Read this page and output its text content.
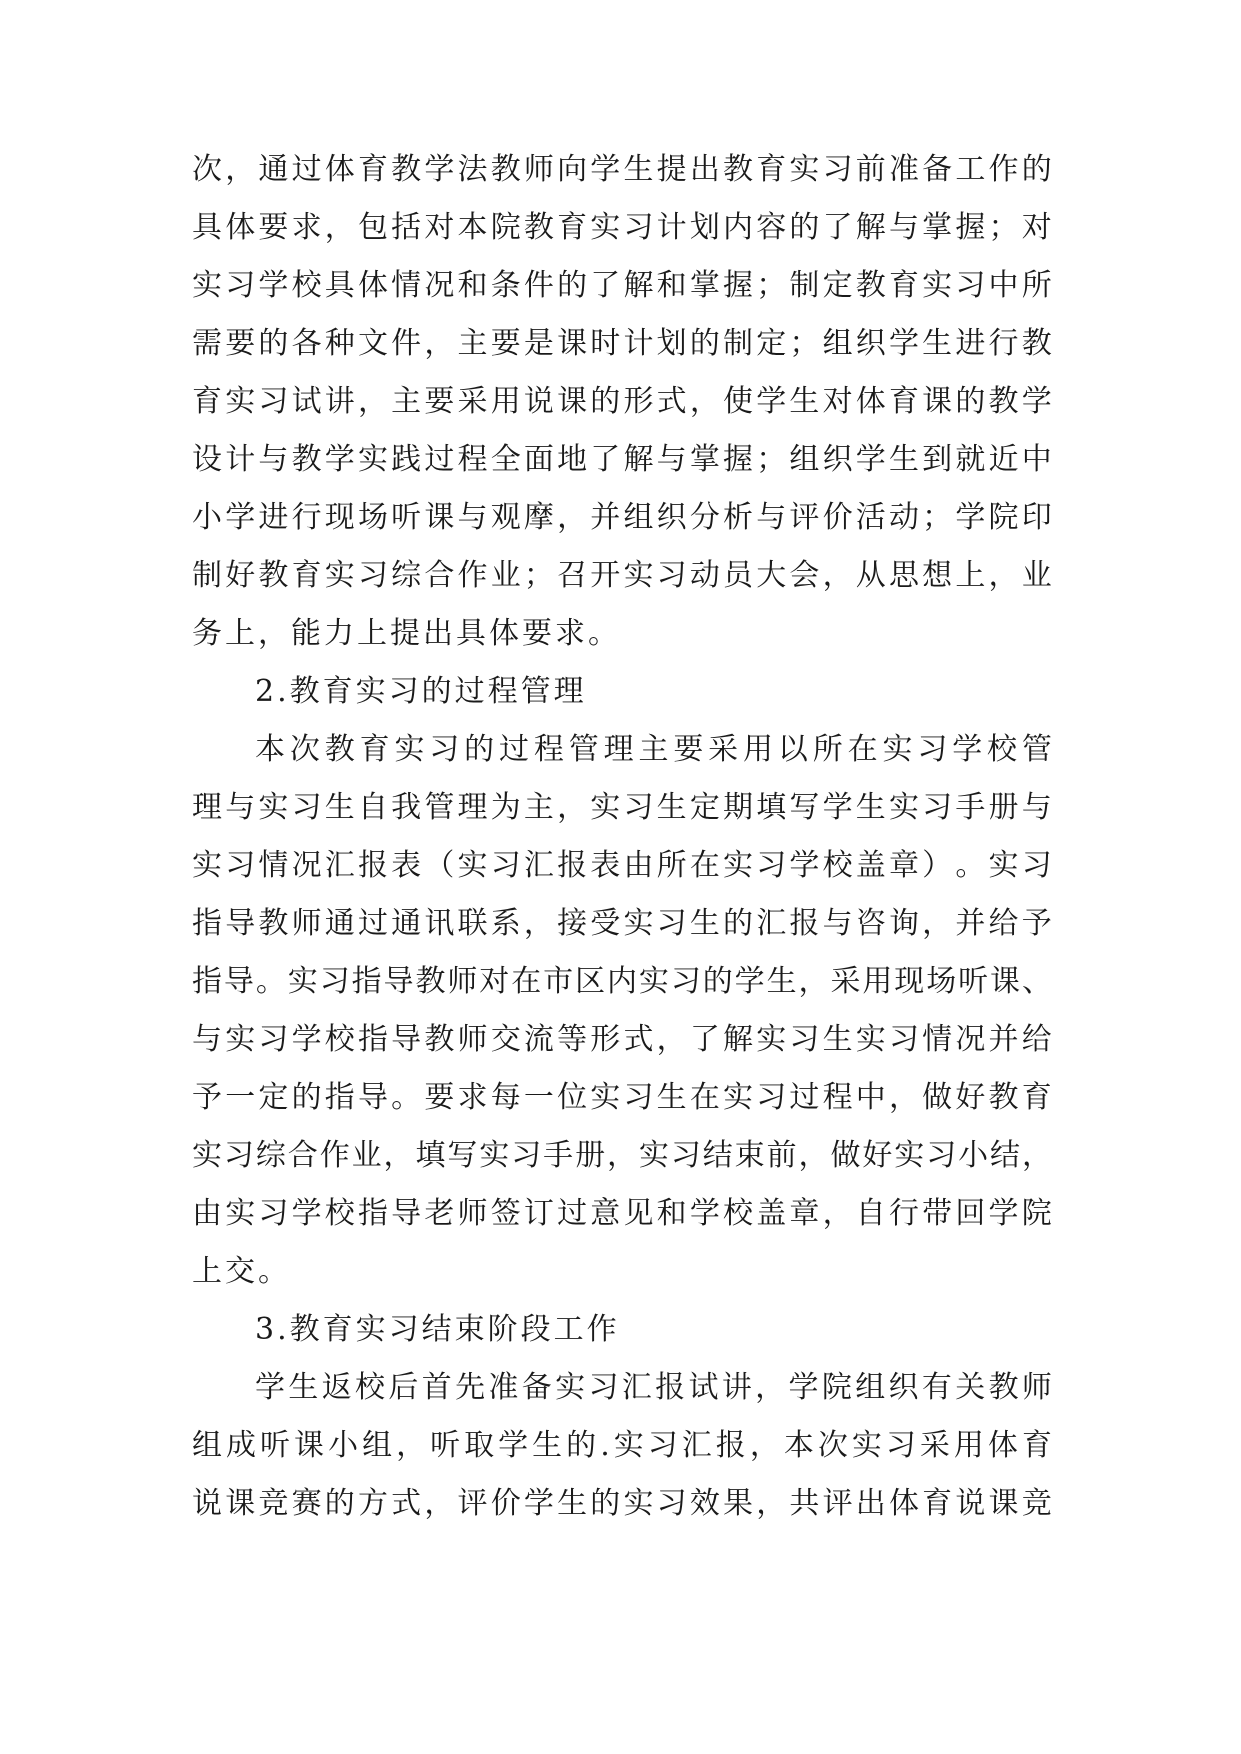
次 ， 通 过 体 育 教 学 法 教 师 向 学 生 提 出 教 育 实 习 前 准 备 工 作 的
具 体 要 求 ， 包 括 对 本 院 教 育 实 习 计 划 内 容 的 了 解 与 掌 握 ； 对
实 习 学 校 具 体 情 况 和 条 件 的 了 解 和 掌 握 ； 制 定 教 育 实 习 中 所
需 要 的 各 种 文 件 ， 主 要 是 课 时 计 划 的 制 定 ； 组 织 学 生 进 行 教
育 实 习 试 讲 ， 主 要 采 用 说 课 的 形 式 ， 使 学 生 对 体 育 课 的 教 学
设 计 与 教 学 实 践 过 程 全 面 地 了 解 与 掌 握 ； 组 织 学 生 到 就 近 中
小 学 进 行 现 场 听 课 与 观 摩 ， 并 组 织 分 析 与 评 价 活 动 ； 学 院 印
制 好 教 育 实 习 综 合 作 业 ； 召 开 实 习 动 员 大 会 ， 从 思 想 上 ， 业
务上，能力上提出具体要求。
2.教育实习的过程管理
本 次 教 育 实 习 的 过 程 管 理 主 要 采 用 以 所 在 实 习 学 校 管
理 与 实 习 生 自 我 管 理 为 主 ， 实 习 生 定 期 填 写 学 生 实 习 手 册 与
实 习 情 况 汇 报 表 （ 实 习 汇 报 表 由 所 在 实 习 学 校 盖 章 ） 。 实 习
指 导 教 师 通 过 通 讯 联 系 ， 接 受 实 习 生 的 汇 报 与 咨 询 ， 并 给 予
指 导 。 实 习 指 导 教 师 对 在 市 区 内 实 习 的 学 生 ， 采 用 现 场 听 课 、
与 实 习 学 校 指 导 教 师 交 流 等 形 式 ， 了 解 实 习 生 实 习 情 况 并 给
予 一 定 的 指 导 。 要 求 每 一 位 实 习 生 在 实 习 过 程 中 ， 做 好 教 育
实 习 综 合 作 业 ， 填 写 实 习 手 册 ， 实 习 结 束 前 ， 做 好 实 习 小 结 ，
由 实 习 学 校 指 导 老 师 签 订 过 意 见 和 学 校 盖 章 ， 自 行 带 回 学 院
上交。
3.教育实习结束阶段工作
学 生 返 校 后 首 先 准 备 实 习 汇 报 试 讲 ， 学 院 组 织 有 关 教 师
组 成 听 课 小 组 ， 听 取 学 生 的 . 实 习 汇 报 ， 本 次 实 习 采 用 体 育
说 课 竞 赛 的 方 式 ， 评 价 学 生 的 实 习 效 果 ， 共 评 出 体 育 说 课 竞
